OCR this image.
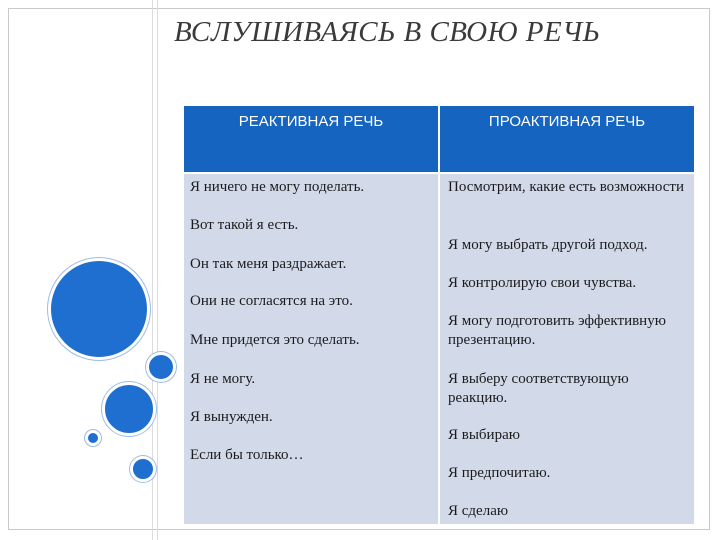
ВСЛУШИВАЯСЬ В СВОЮ РЕЧЬ
РЕАКТИВНАЯ РЕЧЬ	ПРОАКТИВНАЯ РЕЧЬ
Я ничего не могу поделать.
Вот такой я есть.
Он так меня раздражает.
Они не согласятся на это.
Мне придется это сделать.
Я не могу.
Я вынужден.
Если бы только…
Посмотрим, какие есть возможности
Я могу выбрать другой подход.
Я контролирую свои чувства.
Я могу подготовить эффективную презентацию.
Я выберу соответствующую реакцию.
Я выбираю
Я предпочитаю.
Я сделаю
